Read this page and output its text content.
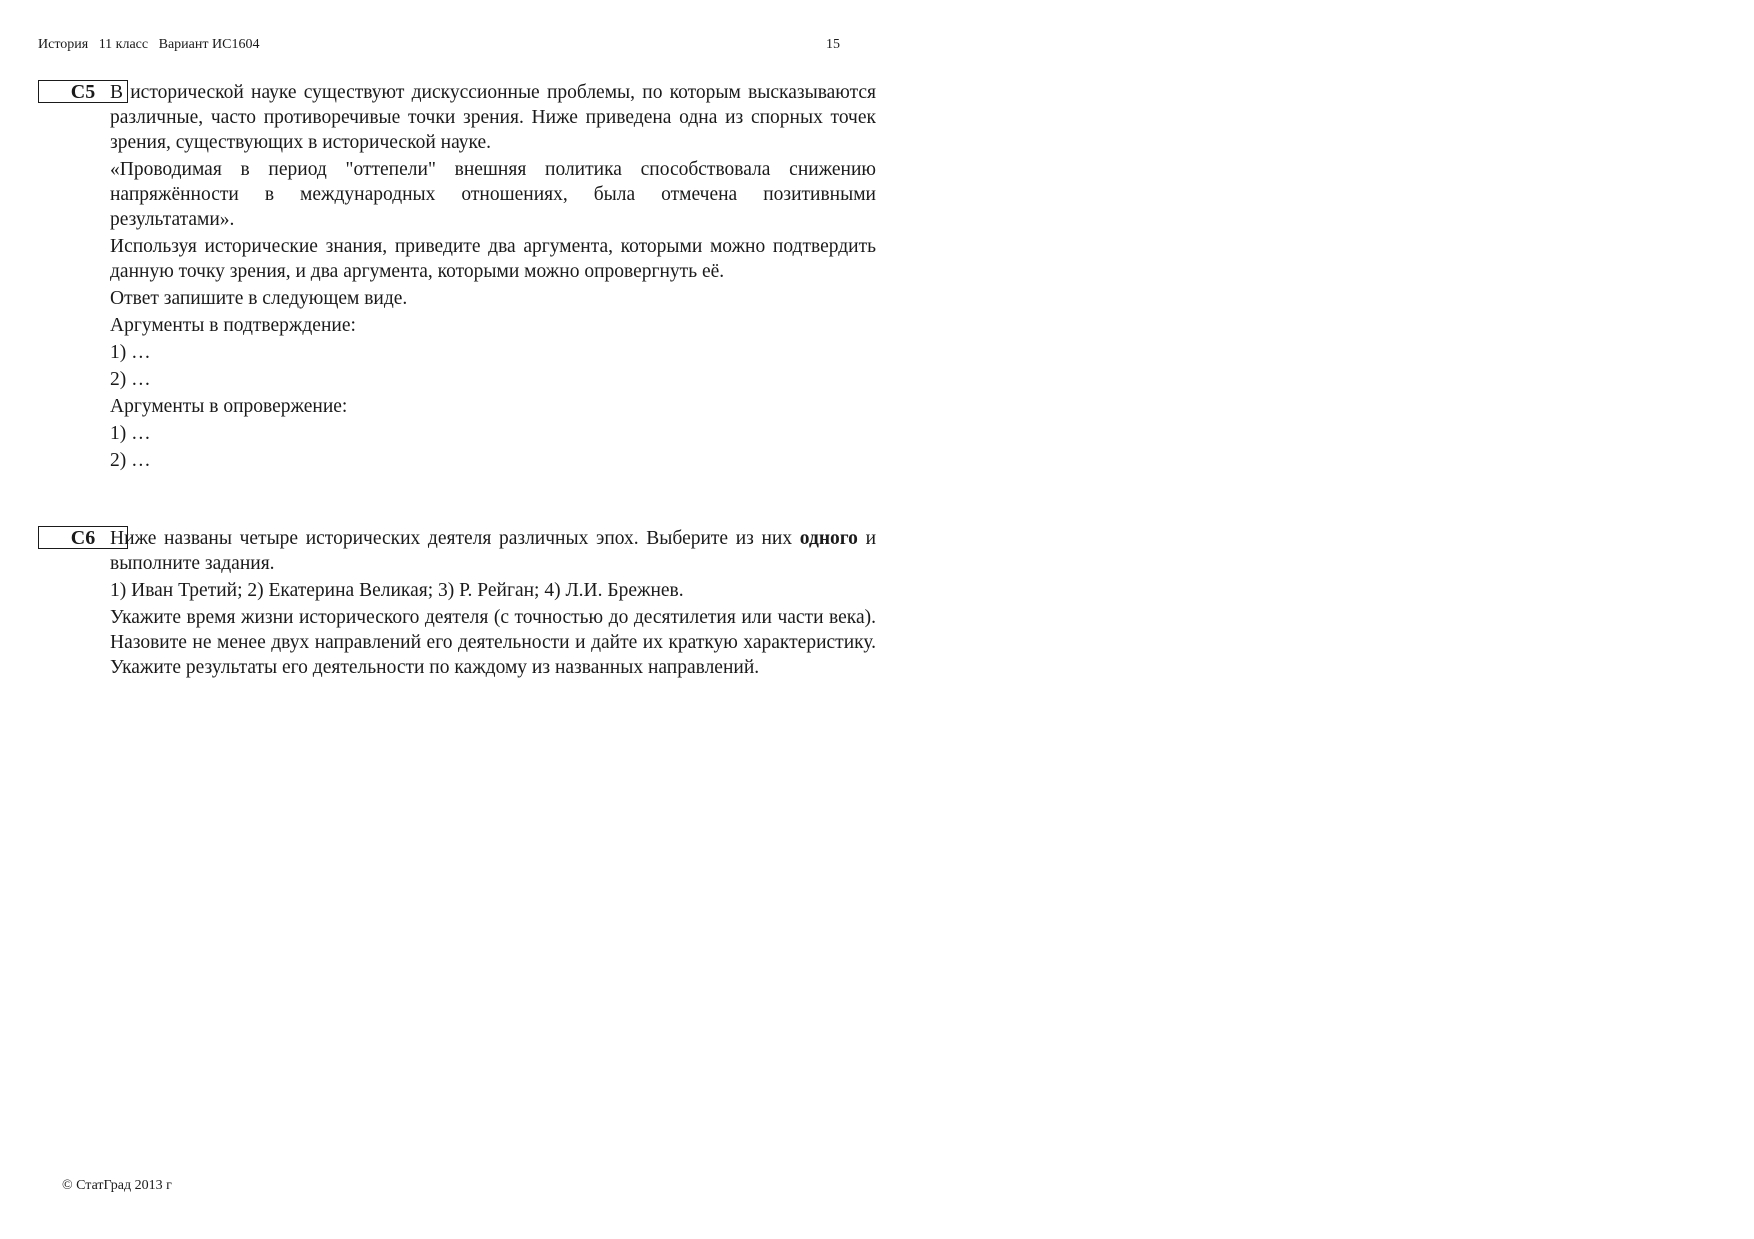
История 11 класс Вариант ИС1604	15
С5 В исторической науке существуют дискуссионные проблемы, по которым высказываются различные, часто противоречивые точки зрения. Ниже приведена одна из спорных точек зрения, существующих в исторической науке.

«Проводимая в период "оттепели" внешняя политика способствовала снижению напряжённости в международных отношениях, была отмечена позитивными результатами».

Используя исторические знания, приведите два аргумента, которыми можно подтвердить данную точку зрения, и два аргумента, которыми можно опровергнуть её.

Ответ запишите в следующем виде.

Аргументы в подтверждение:

1) …

2) …

Аргументы в опровержение:

1) …

2) …

С6 Ниже названы четыре исторических деятеля различных эпох. Выберите из них одного и выполните задания.

1) Иван Третий; 2) Екатерина Великая; 3) Р. Рейган; 4) Л.И. Брежнев.

Укажите время жизни исторического деятеля (с точностью до десятилетия или части века). Назовите не менее двух направлений его деятельности и дайте их краткую характеристику. Укажите результаты его деятельности по каждому из названных направлений.

© СтатГрад 2013 г
